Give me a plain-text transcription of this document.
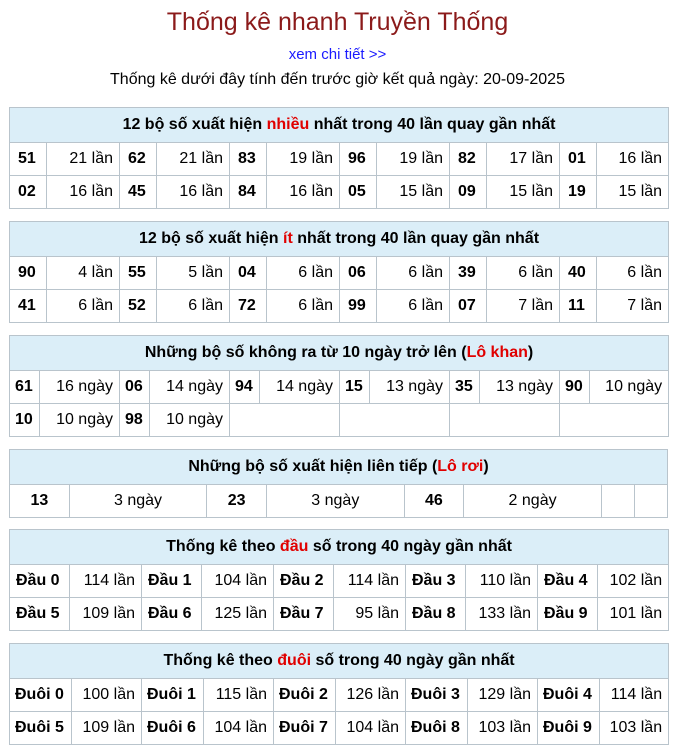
Thống kê nhanh Truyền Thống
xem chi tiết >>
Thống kê dưới đây tính đến trước giờ kết quả ngày: 20-09-2025
12 bộ số xuất hiện nhiều nhất trong 40 lần quay gần nhất											
51	21 lần	62	21 lần	83	19 lần	96	19 lần	82	17 lần	01	16 lần
02	16 lần	45	16 lần	84	16 lần	05	15 lần	09	15 lần	19	15 lần
12 bộ số xuất hiện ít nhất trong 40 lần quay gần nhất											
90	4 lần	55	5 lần	04	6 lần	06	6 lần	39	6 lần	40	6 lần
41	6 lần	52	6 lần	72	6 lần	99	6 lần	07	7 lần	11	7 lần
Những bộ số không ra từ 10 ngày trở lên (Lô khan)											
61	16 ngày	06	14 ngày	94	14 ngày	15	13 ngày	35	13 ngày	90	10 ngày
10	10 ngày	98	10 ngày								
Những bộ số xuất hiện liên tiếp (Lô rơi)
13	3 ngày	23	3 ngày	46	2 ngày		
Thống kê theo đầu số trong 40 ngày gần nhất									
Đầu 0	114 lần	Đầu 1	104 lần	Đầu 2	114 lần	Đầu 3	110 lần	Đầu 4	102 lần
Đầu 5	109 lần	Đầu 6	125 lần	Đầu 7	95 lần	Đầu 8	133 lần	Đầu 9	101 lần
Thống kê theo đuôi số trong 40 ngày gần nhất									
Đuôi 0	100 lần	Đuôi 1	115 lần	Đuôi 2	126 lần	Đuôi 3	129 lần	Đuôi 4	114 lần
Đuôi 5	109 lần	Đuôi 6	104 lần	Đuôi 7	104 lần	Đuôi 8	103 lần	Đuôi 9	103 lần
